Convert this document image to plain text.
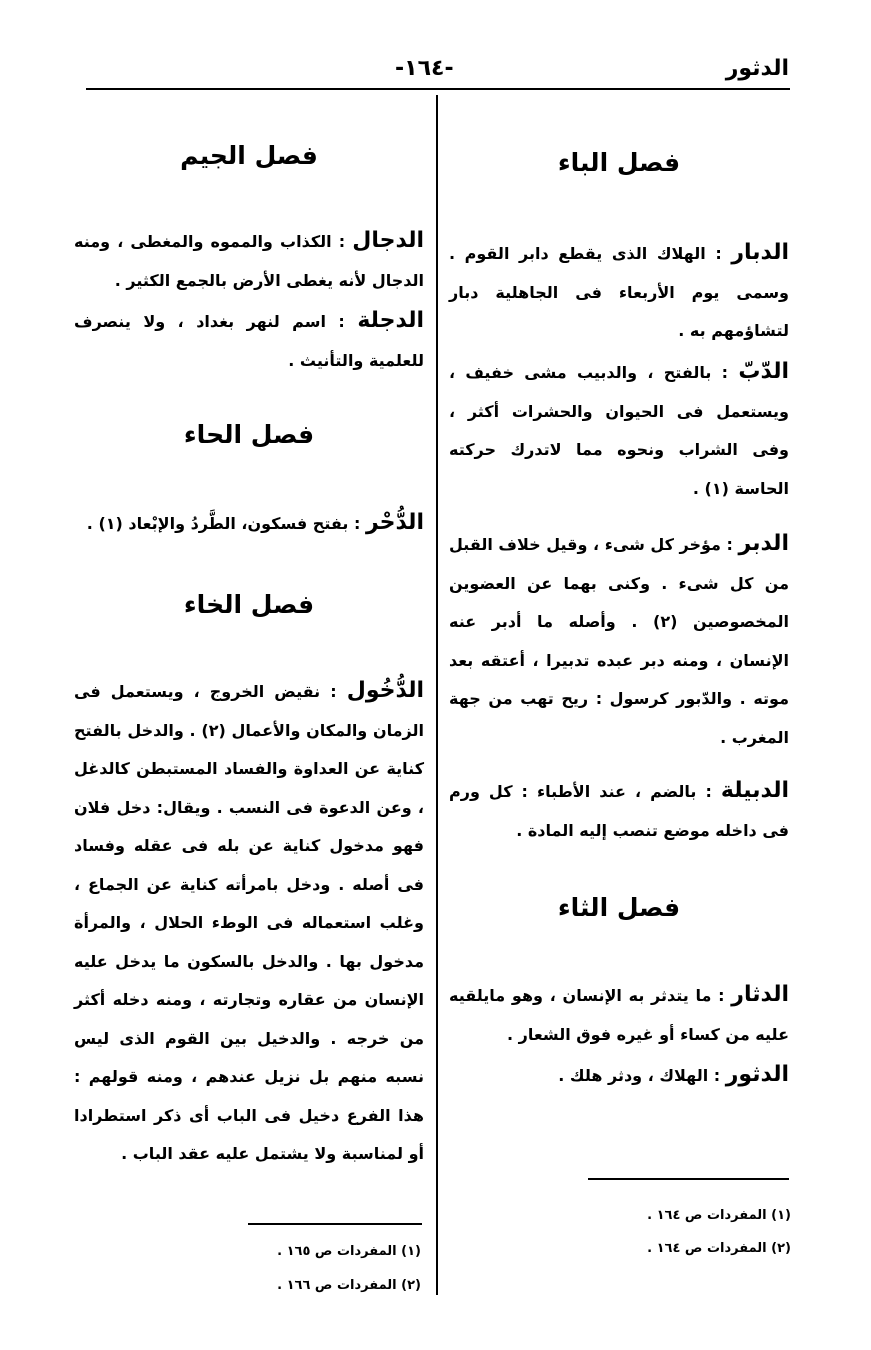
الدثور
-١٦٤-
فصل الباء
الدبار : الهلاك الذى يقطع دابر القوم . وسمى يوم الأربعاء فى الجاهلية دبار لتشاؤمهم به .
الدّبّ : بالفتح ، والدبيب مشى خفيف ، ويستعمل فى الحيوان والحشرات أكثر ، وفى الشراب ونحوه مما لاتدرك حركته الحاسة (١) .
الدبر : مؤخر كل شىء ، وقيل خلاف القبل من كل شىء . وكنى بهما عن العضوين المخصوصين (٢) . وأصله ما أدبر عنه الإنسان ، ومنه دبر عبده تدبيرا ، أعتقه بعد موته . والدّبور كرسول : ريح تهب من جهة المغرب .
الدبيلة : بالضم ، عند الأطباء : كل ورم فى داخله موضع تنصب إليه المادة .
فصل الثاء
الدثار : ما يتدثر به الإنسان ، وهو مايلقيه عليه من كساء أو غيره فوق الشعار .
الدثور : الهلاك ، ودثر هلك .
(١) المفردات ص ١٦٤ .
(٢) المفردات ص ١٦٤ .
فصل الجيم
الدجال : الكذاب والمموه والمغطى ، ومنه الدجال لأنه يغطى الأرض بالجمع الكثير .
الدجلة : اسم لنهر بغداد ، ولا ينصرف للعلمية والتأنيث .
فصل الحاء
الدُّحْر : بفتح فسكون، الطَّردُ والإبْعاد (١) .
فصل الخاء
الدُّخُول : نقيض الخروج ، ويستعمل فى الزمان والمكان والأعمال (٢) . والدخل بالفتح كناية عن العداوة والفساد المستبطن كالدغل ، وعن الدعوة فى النسب . ويقال: دخل فلان فهو مدخول كناية عن بله فى عقله وفساد فى أصله . ودخل بامرأته كناية عن الجماع ، وغلب استعماله فى الوطء الحلال ، والمرأة مدخول بها . والدخل بالسكون ما يدخل عليه الإنسان من عقاره وتجارته ، ومنه دخله أكثر من خرجه . والدخيل بين القوم الذى ليس نسبه منهم بل نزيل عندهم ، ومنه قولهم : هذا الفرع دخيل فى الباب أى ذكر استطرادا أو لمناسبة ولا يشتمل عليه عقد الباب .
(١) المفردات ص ١٦٥ .
(٢) المفردات ص ١٦٦ .
